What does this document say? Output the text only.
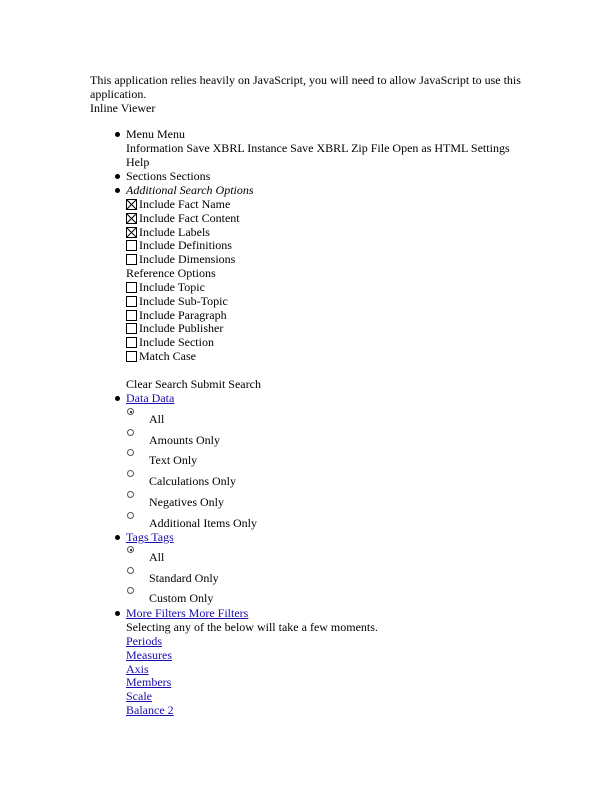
This application relies heavily on JavaScript, you will need to allow JavaScript to use this
application.
Inline Viewer
Menu Menu
Information Save XBRL Instance Save XBRL Zip File Open as HTML Settings
Help
Sections Sections
Additional Search Options
Include Fact Name
Include Fact Content
Include Labels
Include Definitions
Include Dimensions
Reference Options
Include Topic
Include Sub-Topic
Include Paragraph
Include Publisher
Include Section
Match Case
Clear Search Submit Search
Data Data
All
Amounts Only
Text Only
Calculations Only
Negatives Only
Additional Items Only
Tags Tags
All
Standard Only
Custom Only
More Filters More Filters
Selecting any of the below will take a few moments.
Periods
Measures
Axis
Members
Scale
Balance 2
